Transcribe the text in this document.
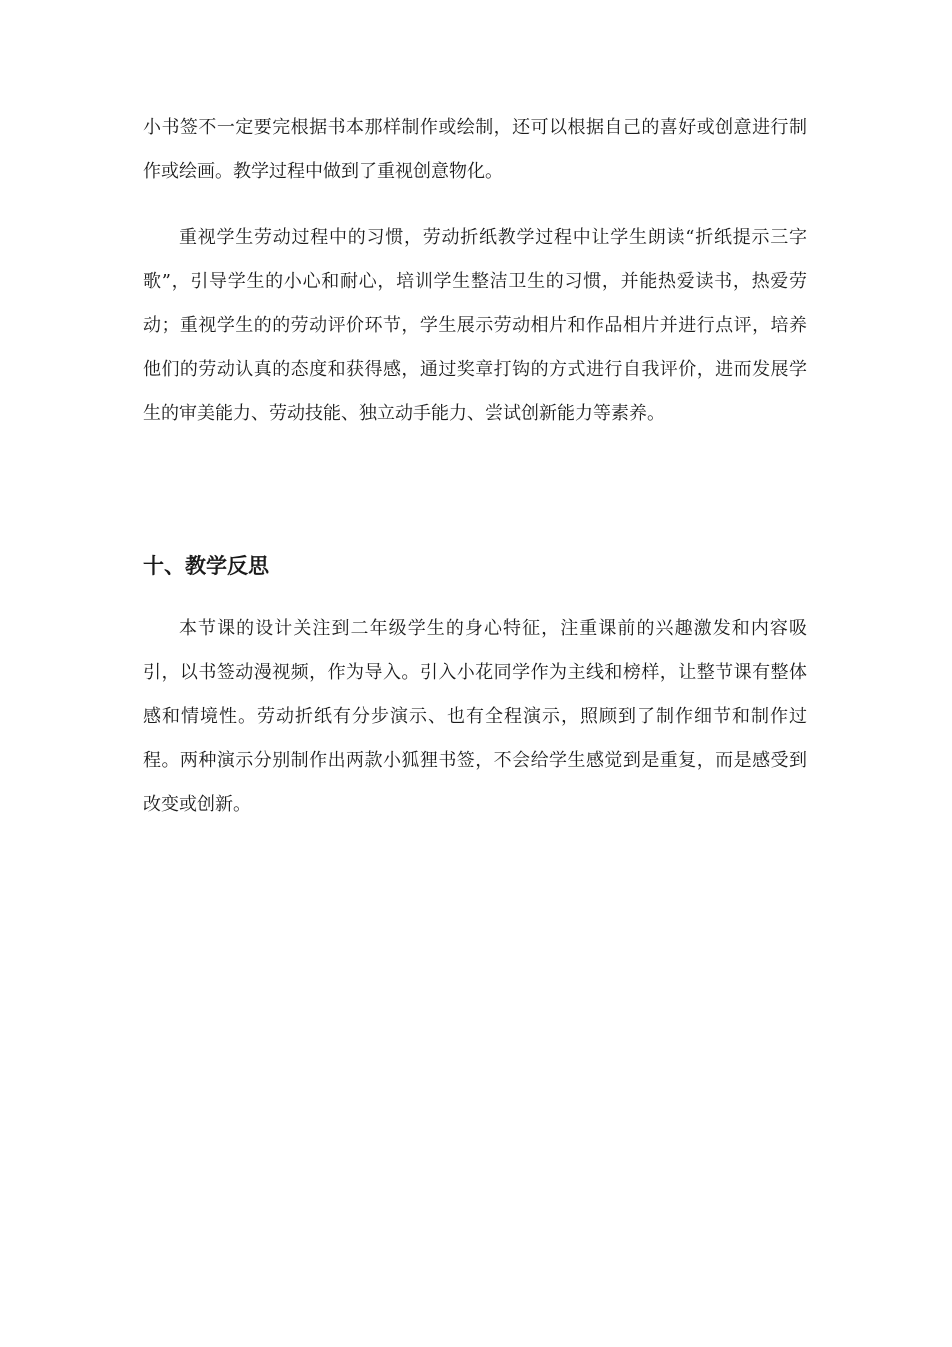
小书签不一定要完根据书本那样制作或绘制，还可以根据自己的喜好或创意进行制作或绘画。教学过程中做到了重视创意物化。

重视学生劳动过程中的习惯，劳动折纸教学过程中让学生朗读“折纸提示三字歌”，引导学生的小心和耐心，培训学生整洁卫生的习惯，并能热爱读书，热爱劳动；重视学生的的劳动评价环节，学生展示劳动相片和作品相片并进行点评，培养他们的劳动认真的态度和获得感，通过奖章打钩的方式进行自我评价，进而发展学生的审美能力、劳动技能、独立动手能力、尝试创新能力等素养。

十、教学反思

本节课的设计关注到二年级学生的身心特征，注重课前的兴趣激发和内容吸引，以书签动漫视频，作为导入。引入小花同学作为主线和榜样，让整节课有整体感和情境性。劳动折纸有分步演示、也有全程演示，照顾到了制作细节和制作过程。两种演示分别制作出两款小狐狸书签，不会给学生感觉到是重复，而是感受到改变或创新。
